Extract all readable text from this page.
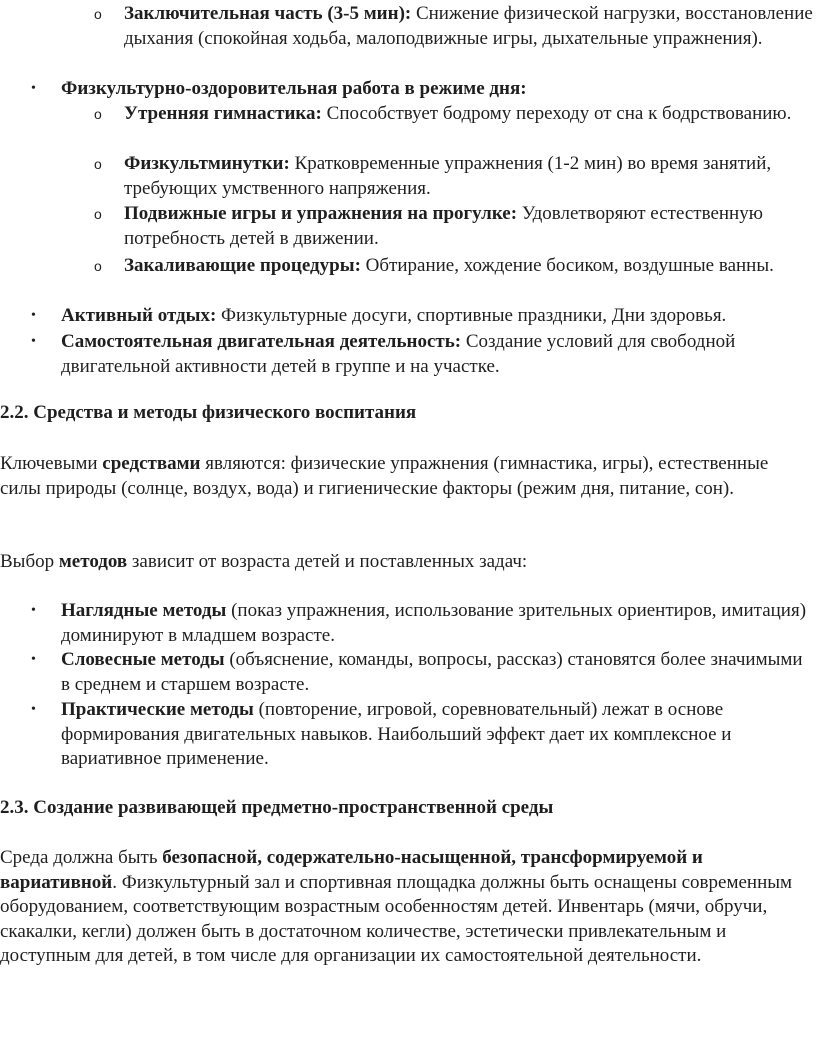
o Заключительная часть (3-5 мин): Снижение физической нагрузки, восстановление дыхания (спокойная ходьба, малоподвижные игры, дыхательные упражнения).
• Физкультурно-оздоровительная работа в режиме дня:
o Утренняя гимнастика: Способствует бодрому переходу от сна к бодрствованию.
o Физкультминутки: Кратковременные упражнения (1-2 мин) во время занятий, требующих умственного напряжения.
o Подвижные игры и упражнения на прогулке: Удовлетворяют естественную потребность детей в движении.
o Закаливающие процедуры: Обтирание, хождение босиком, воздушные ванны.
• Активный отдых: Физкультурные досуги, спортивные праздники, Дни здоровья.
• Самостоятельная двигательная деятельность: Создание условий для свободной двигательной активности детей в группе и на участке.
2.2. Средства и методы физического воспитания
Ключевыми средствами являются: физические упражнения (гимнастика, игры), естественные силы природы (солнце, воздух, вода) и гигиенические факторы (режим дня, питание, сон).
Выбор методов зависит от возраста детей и поставленных задач:
• Наглядные методы (показ упражнения, использование зрительных ориентиров, имитация) доминируют в младшем возрасте.
• Словесные методы (объяснение, команды, вопросы, рассказ) становятся более значимыми в среднем и старшем возрасте.
• Практические методы (повторение, игровой, соревновательный) лежат в основе формирования двигательных навыков. Наибольший эффект дает их комплексное и вариативное применение.
2.3. Создание развивающей предметно-пространственной среды
Среда должна быть безопасной, содержательно-насыщенной, трансформируемой и вариативной. Физкультурный зал и спортивная площадка должны быть оснащены современным оборудованием, соответствующим возрастным особенностям детей. Инвентарь (мячи, обручи, скакалки, кегли) должен быть в достаточном количестве, эстетически привлекательным и доступным для детей, в том числе для организации их самостоятельной деятельности.
